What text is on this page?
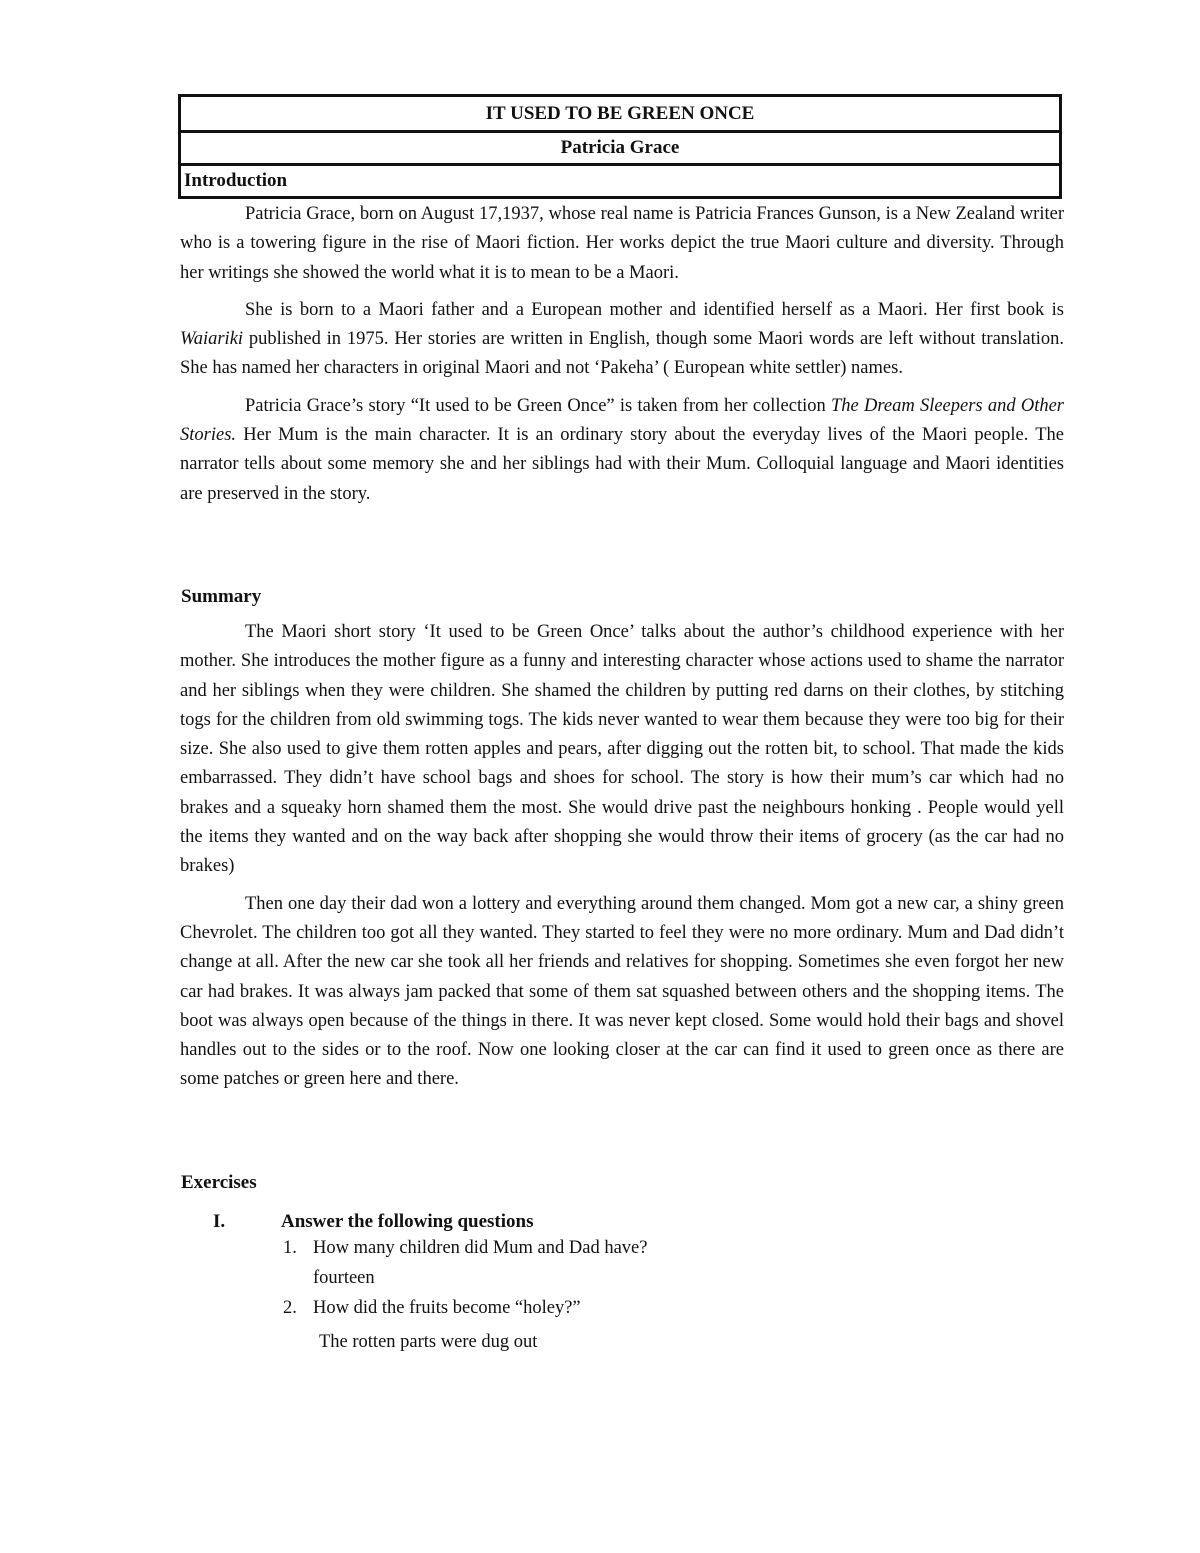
IT USED TO BE GREEN ONCE
Patricia Grace
Introduction

Patricia Grace, born on August 17,1937, whose real name is Patricia Frances Gunson, is a New Zealand writer who is a towering figure in the rise of Maori fiction. Her works depict the true Maori culture and diversity. Through her writings she showed the world what it is to mean to be a Maori.

She is born to a Maori father and a European mother and identified herself as a Maori. Her first book is Waiariki published in 1975. Her stories are written in English, though some Maori words are left without translation. She has named her characters in original Maori and not ‘Pakeha’ ( European white settler) names.

Patricia Grace’s story “It used to be Green Once” is taken from her collection The Dream Sleepers and Other Stories. Her Mum is the main character. It is an ordinary story about the everyday lives of the Maori people. The narrator tells about some memory she and her siblings had with their Mum. Colloquial language and Maori identities are preserved in the story.

Summary

The Maori short story ‘It used to be Green Once’ talks about the author’s childhood experience with her mother. She introduces the mother figure as a funny and interesting character whose actions used to shame the narrator and her siblings when they were children. She shamed the children by putting red darns on their clothes, by stitching togs for the children from old swimming togs. The kids never wanted to wear them because they were too big for their size. She also used to give them rotten apples and pears, after digging out the rotten bit, to school. That made the kids embarrassed. They didn’t have school bags and shoes for school. The story is how their mum’s car which had no brakes and a squeaky horn shamed them the most. She would drive past the neighbours honking . People would yell the items they wanted and on the way back after shopping she would throw their items of grocery (as the car had no brakes)

Then one day their dad won a lottery and everything around them changed. Mom got a new car, a shiny green Chevrolet. The children too got all they wanted. They started to feel they were no more ordinary. Mum and Dad didn’t change at all. After the new car she took all her friends and relatives for shopping. Sometimes she even forgot her new car had brakes. It was always jam packed that some of them sat squashed between others and the shopping items. The boot was always open because of the things in there. It was never kept closed. Some would hold their bags and shovel handles out to the sides or to the roof. Now one looking closer at the car can find it used to green once as there are some patches or green here and there.

Exercises
I.	Answer the following questions
1. How many children did Mum and Dad have?
fourteen
2. How did the fruits become “holey?”
The rotten parts were dug out
